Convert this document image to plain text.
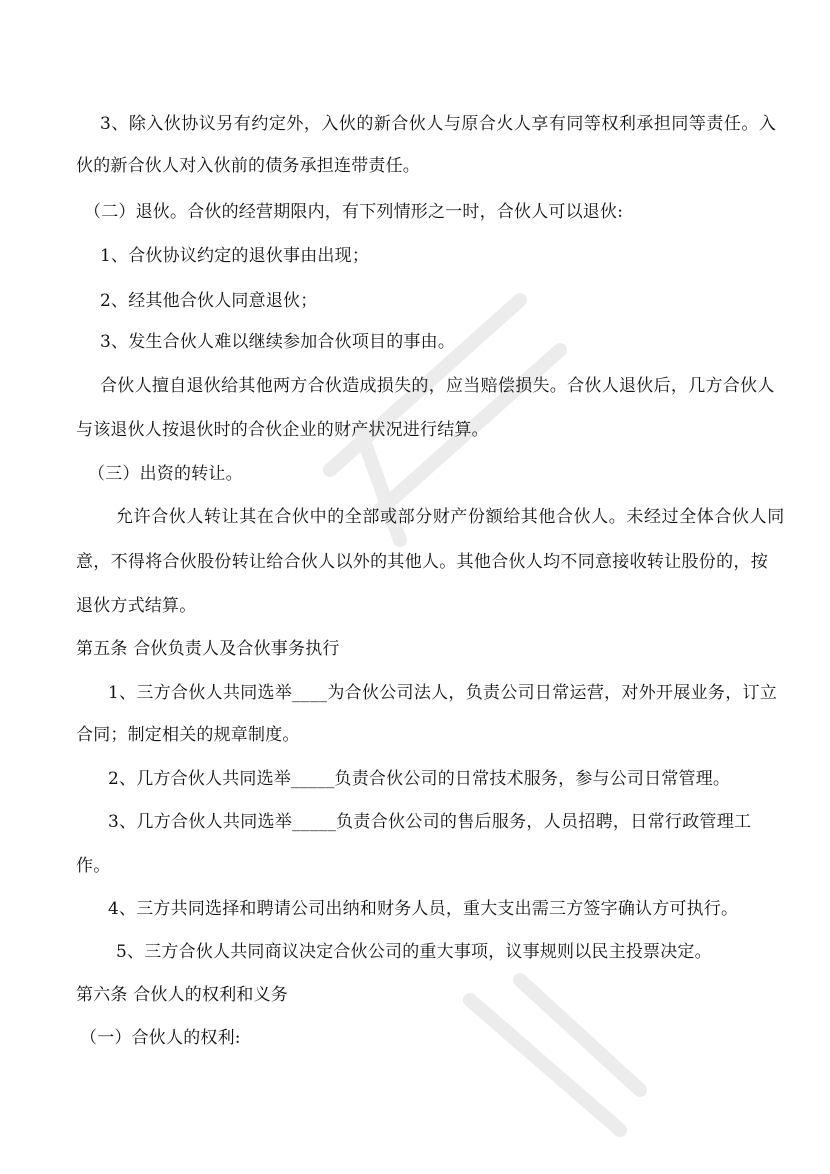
3、除入伙协议另有约定外，入伙的新合伙人与原合火人享有同等权利承担同等责任。入
伙的新合伙人对入伙前的债务承担连带责任。
（二）退伙。合伙的经营期限内，有下列情形之一时，合伙人可以退伙:
1、合伙协议约定的退伙事由出现；
2、经其他合伙人同意退伙；
3、发生合伙人难以继续参加合伙项目的事由。
合伙人擅自退伙给其他两方合伙造成损失的，应当赔偿损失。合伙人退伙后，几方合伙人
与该退伙人按退伙时的合伙企业的财产状况进行结算。
（三）出资的转让。
允许合伙人转让其在合伙中的全部或部分财产份额给其他合伙人。未经过全体合伙人同
意，不得将合伙股份转让给合伙人以外的其他人。其他合伙人均不同意接收转让股份的，按
退伙方式结算。
第五条 合伙负责人及合伙事务执行
1、三方合伙人共同选举____为合伙公司法人，负责公司日常运营，对外开展业务，订立
合同；制定相关的规章制度。
2、几方合伙人共同选举_____负责合伙公司的日常技术服务，参与公司日常管理。
3、几方合伙人共同选举_____负责合伙公司的售后服务，人员招聘，日常行政管理工
作。
4、三方共同选择和聘请公司出纳和财务人员，重大支出需三方签字确认方可执行。
5、三方合伙人共同商议决定合伙公司的重大事项，议事规则以民主投票决定。
第六条 合伙人的权利和义务
（一）合伙人的权利:
